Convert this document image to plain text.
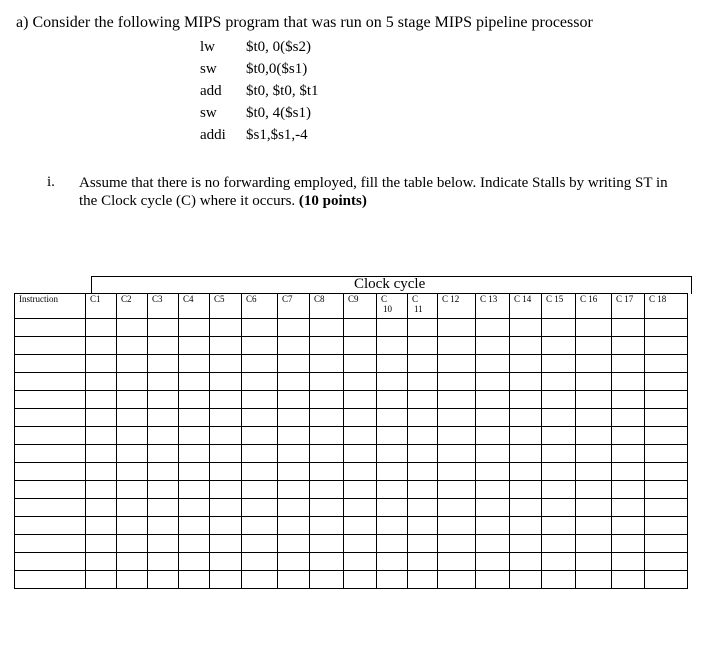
a) Consider the following MIPS program that was run on 5 stage MIPS pipeline processor
lw $t0, 0($s2)
sw $t0,0($s1)
add $t0, $t0, $t1
sw $t0, 4($s1)
addi $s1,$s1,-4
i. Assume that there is no forwarding employed, fill the table below. Indicate Stalls by writing ST in the Clock cycle (C) where it occurs. (10 points)
Clock cycle
Instruction	C1	C2	C3	C4	C5	C6	C7	C8	C9	C
10	C
11	C 12	C 13	C 14	C 15	C 16	C 17	C 18
